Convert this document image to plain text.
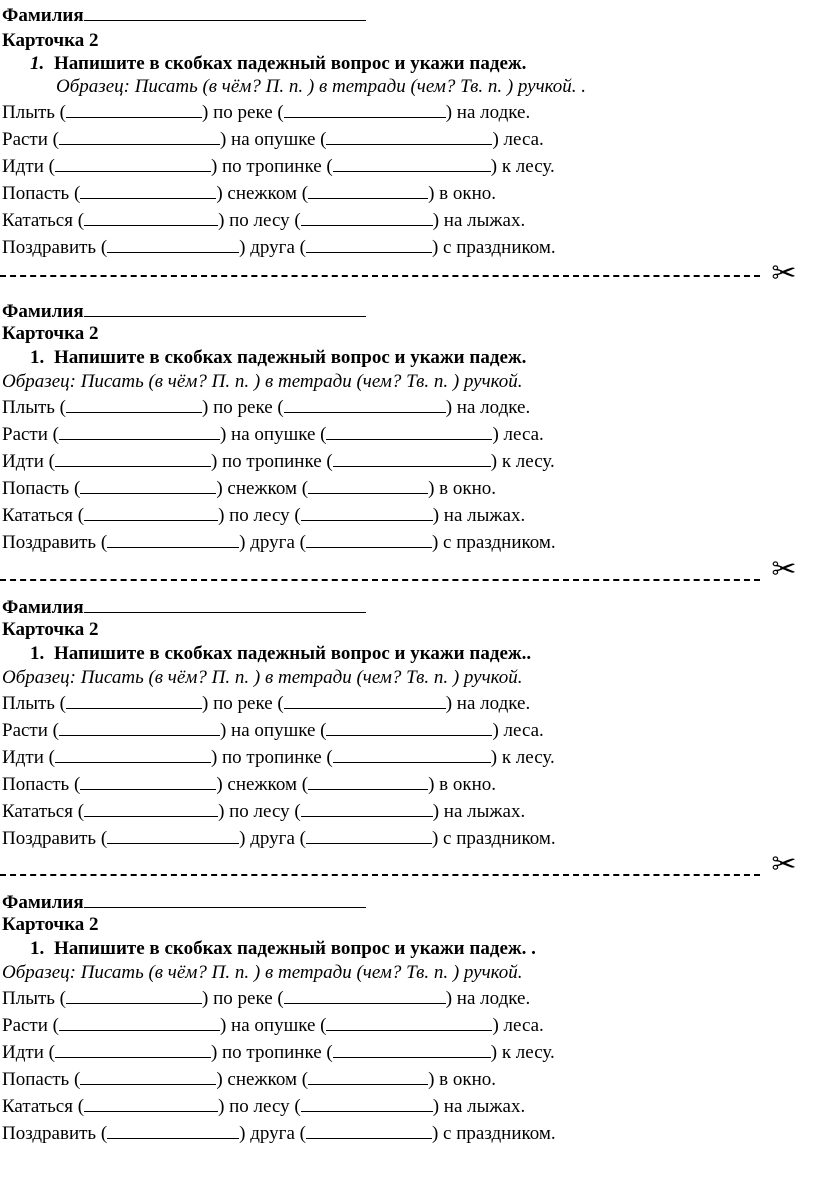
Фамилия
Карточка 2
1. Напишите в скобках падежный вопрос и укажи падеж.
Образец: Писать (в чём? П. п. ) в тетради (чем? Тв. п. ) ручкой. .
Плыть (	) по реке (	) на лодке.
Расти (	) на опушке (	) леса.
Идти (	) по тропинке (	) к лесу.
Попасть (	) снежком (	) в окно.
Кататься (	) по лесу (	) на лыжах.
Поздравить (	) друга (	) с праздником.
✂
Фамилия
Карточка 2
1. Напишите в скобках падежный вопрос и укажи падеж.
Образец: Писать (в чём? П. п. ) в тетради (чем? Тв. п. ) ручкой.
Плыть (	) по реке (	) на лодке.
Расти (	) на опушке (	) леса.
Идти (	) по тропинке (	) к лесу.
Попасть (	) снежком (	) в окно.
Кататься (	) по лесу (	) на лыжах.
Поздравить (	) друга (	) с праздником.
✂
Фамилия
Карточка 2
1. Напишите в скобках падежный вопрос и укажи падеж..
Образец: Писать (в чём? П. п. ) в тетради (чем? Тв. п. ) ручкой.
Плыть (	) по реке (	) на лодке.
Расти (	) на опушке (	) леса.
Идти (	) по тропинке (	) к лесу.
Попасть (	) снежком (	) в окно.
Кататься (	) по лесу (	) на лыжах.
Поздравить (	) друга (	) с праздником.
✂
Фамилия
Карточка 2
1. Напишите в скобках падежный вопрос и укажи падеж. .
Образец: Писать (в чём? П. п. ) в тетради (чем? Тв. п. ) ручкой.
Плыть (	) по реке (	) на лодке.
Расти (	) на опушке (	) леса.
Идти (	) по тропинке (	) к лесу.
Попасть (	) снежком (	) в окно.
Кататься (	) по лесу (	) на лыжах.
Поздравить (	) друга (	) с праздником.
